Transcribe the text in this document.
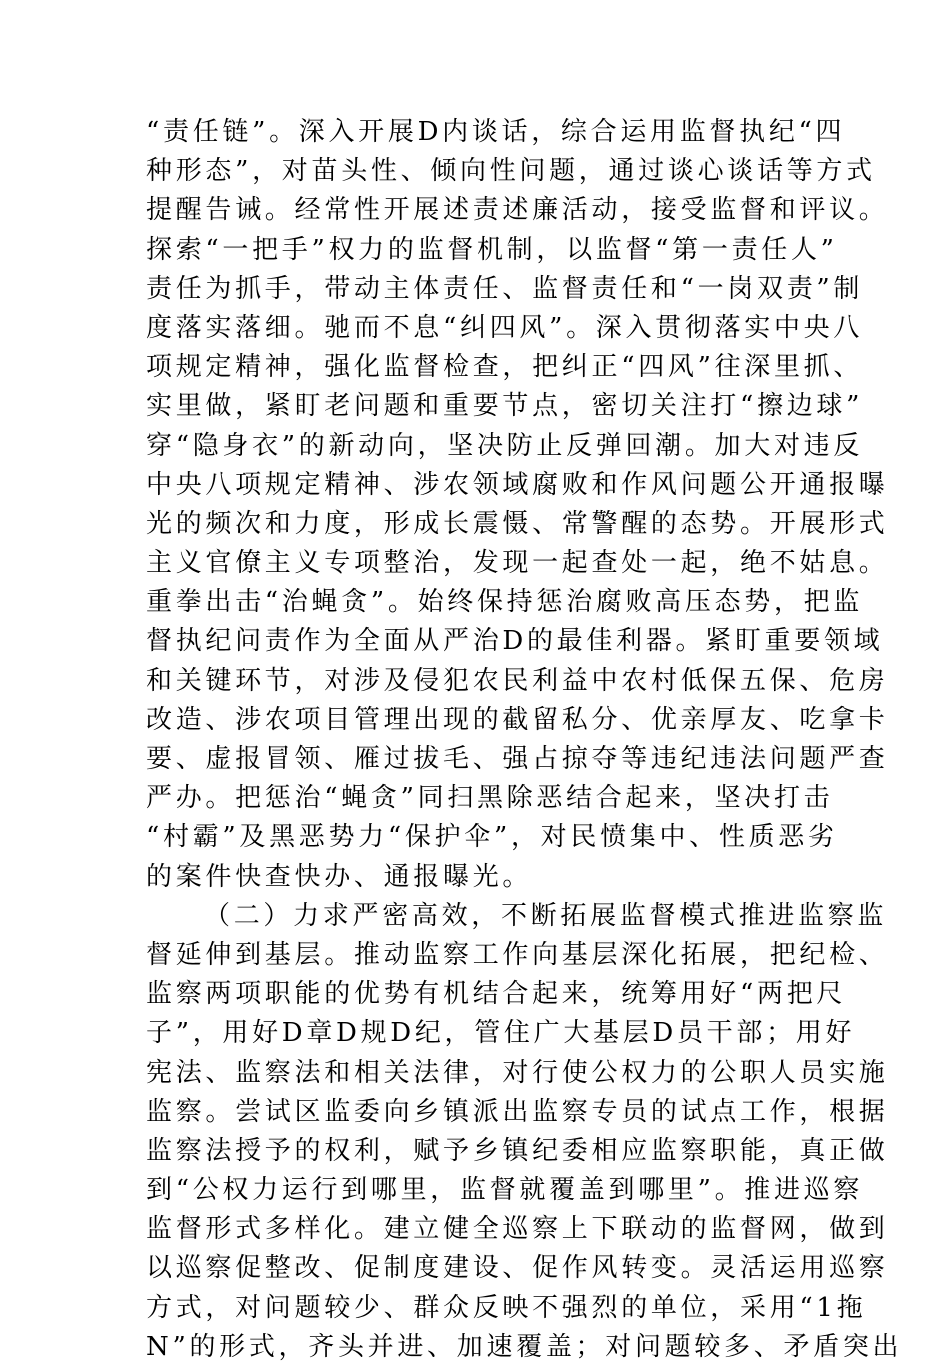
“责任链”。深入开展D内谈话，综合运用监督执纪“四
种形态”，对苗头性、倾向性问题，通过谈心谈话等方式
提醒告诫。经常性开展述责述廉活动，接受监督和评议。
探索“一把手”权力的监督机制，以监督“第一责任人”
责任为抓手，带动主体责任、监督责任和“一岗双责”制
度落实落细。驰而不息“纠四风”。深入贯彻落实中央八
项规定精神，强化监督检查，把纠正“四风”往深里抓、
实里做，紧盯老问题和重要节点，密切关注打“擦边球”
穿“隐身衣”的新动向，坚决防止反弹回潮。加大对违反
中央八项规定精神、涉农领域腐败和作风问题公开通报曝
光的频次和力度，形成长震慑、常警醒的态势。开展形式
主义官僚主义专项整治，发现一起查处一起，绝不姑息。
重拳出击“治蝇贪”。始终保持惩治腐败高压态势，把监
督执纪问责作为全面从严治D的最佳利器。紧盯重要领域
和关键环节，对涉及侵犯农民利益中农村低保五保、危房
改造、涉农项目管理出现的截留私分、优亲厚友、吃拿卡
要、虚报冒领、雁过拔毛、强占掠夺等违纪违法问题严查
严办。把惩治“蝇贪”同扫黑除恶结合起来，坚决打击
“村霸”及黑恶势力“保护伞”，对民愤集中、性质恶劣
的案件快查快办、通报曝光。
（二）力求严密高效，不断拓展监督模式推进监察监
督延伸到基层。推动监察工作向基层深化拓展，把纪检、
监察两项职能的优势有机结合起来，统筹用好“两把尺
子”，用好D章D规D纪，管住广大基层D员干部；用好
宪法、监察法和相关法律，对行使公权力的公职人员实施
监察。尝试区监委向乡镇派出监察专员的试点工作，根据
监察法授予的权利，赋予乡镇纪委相应监察职能，真正做
到“公权力运行到哪里，监督就覆盖到哪里”。推进巡察
监督形式多样化。建立健全巡察上下联动的监督网，做到
以巡察促整改、促制度建设、促作风转变。灵活运用巡察
方式，对问题较少、群众反映不强烈的单位，采用“1拖
N”的形式，齐头并进、加速覆盖；对问题较多、矛盾突出
